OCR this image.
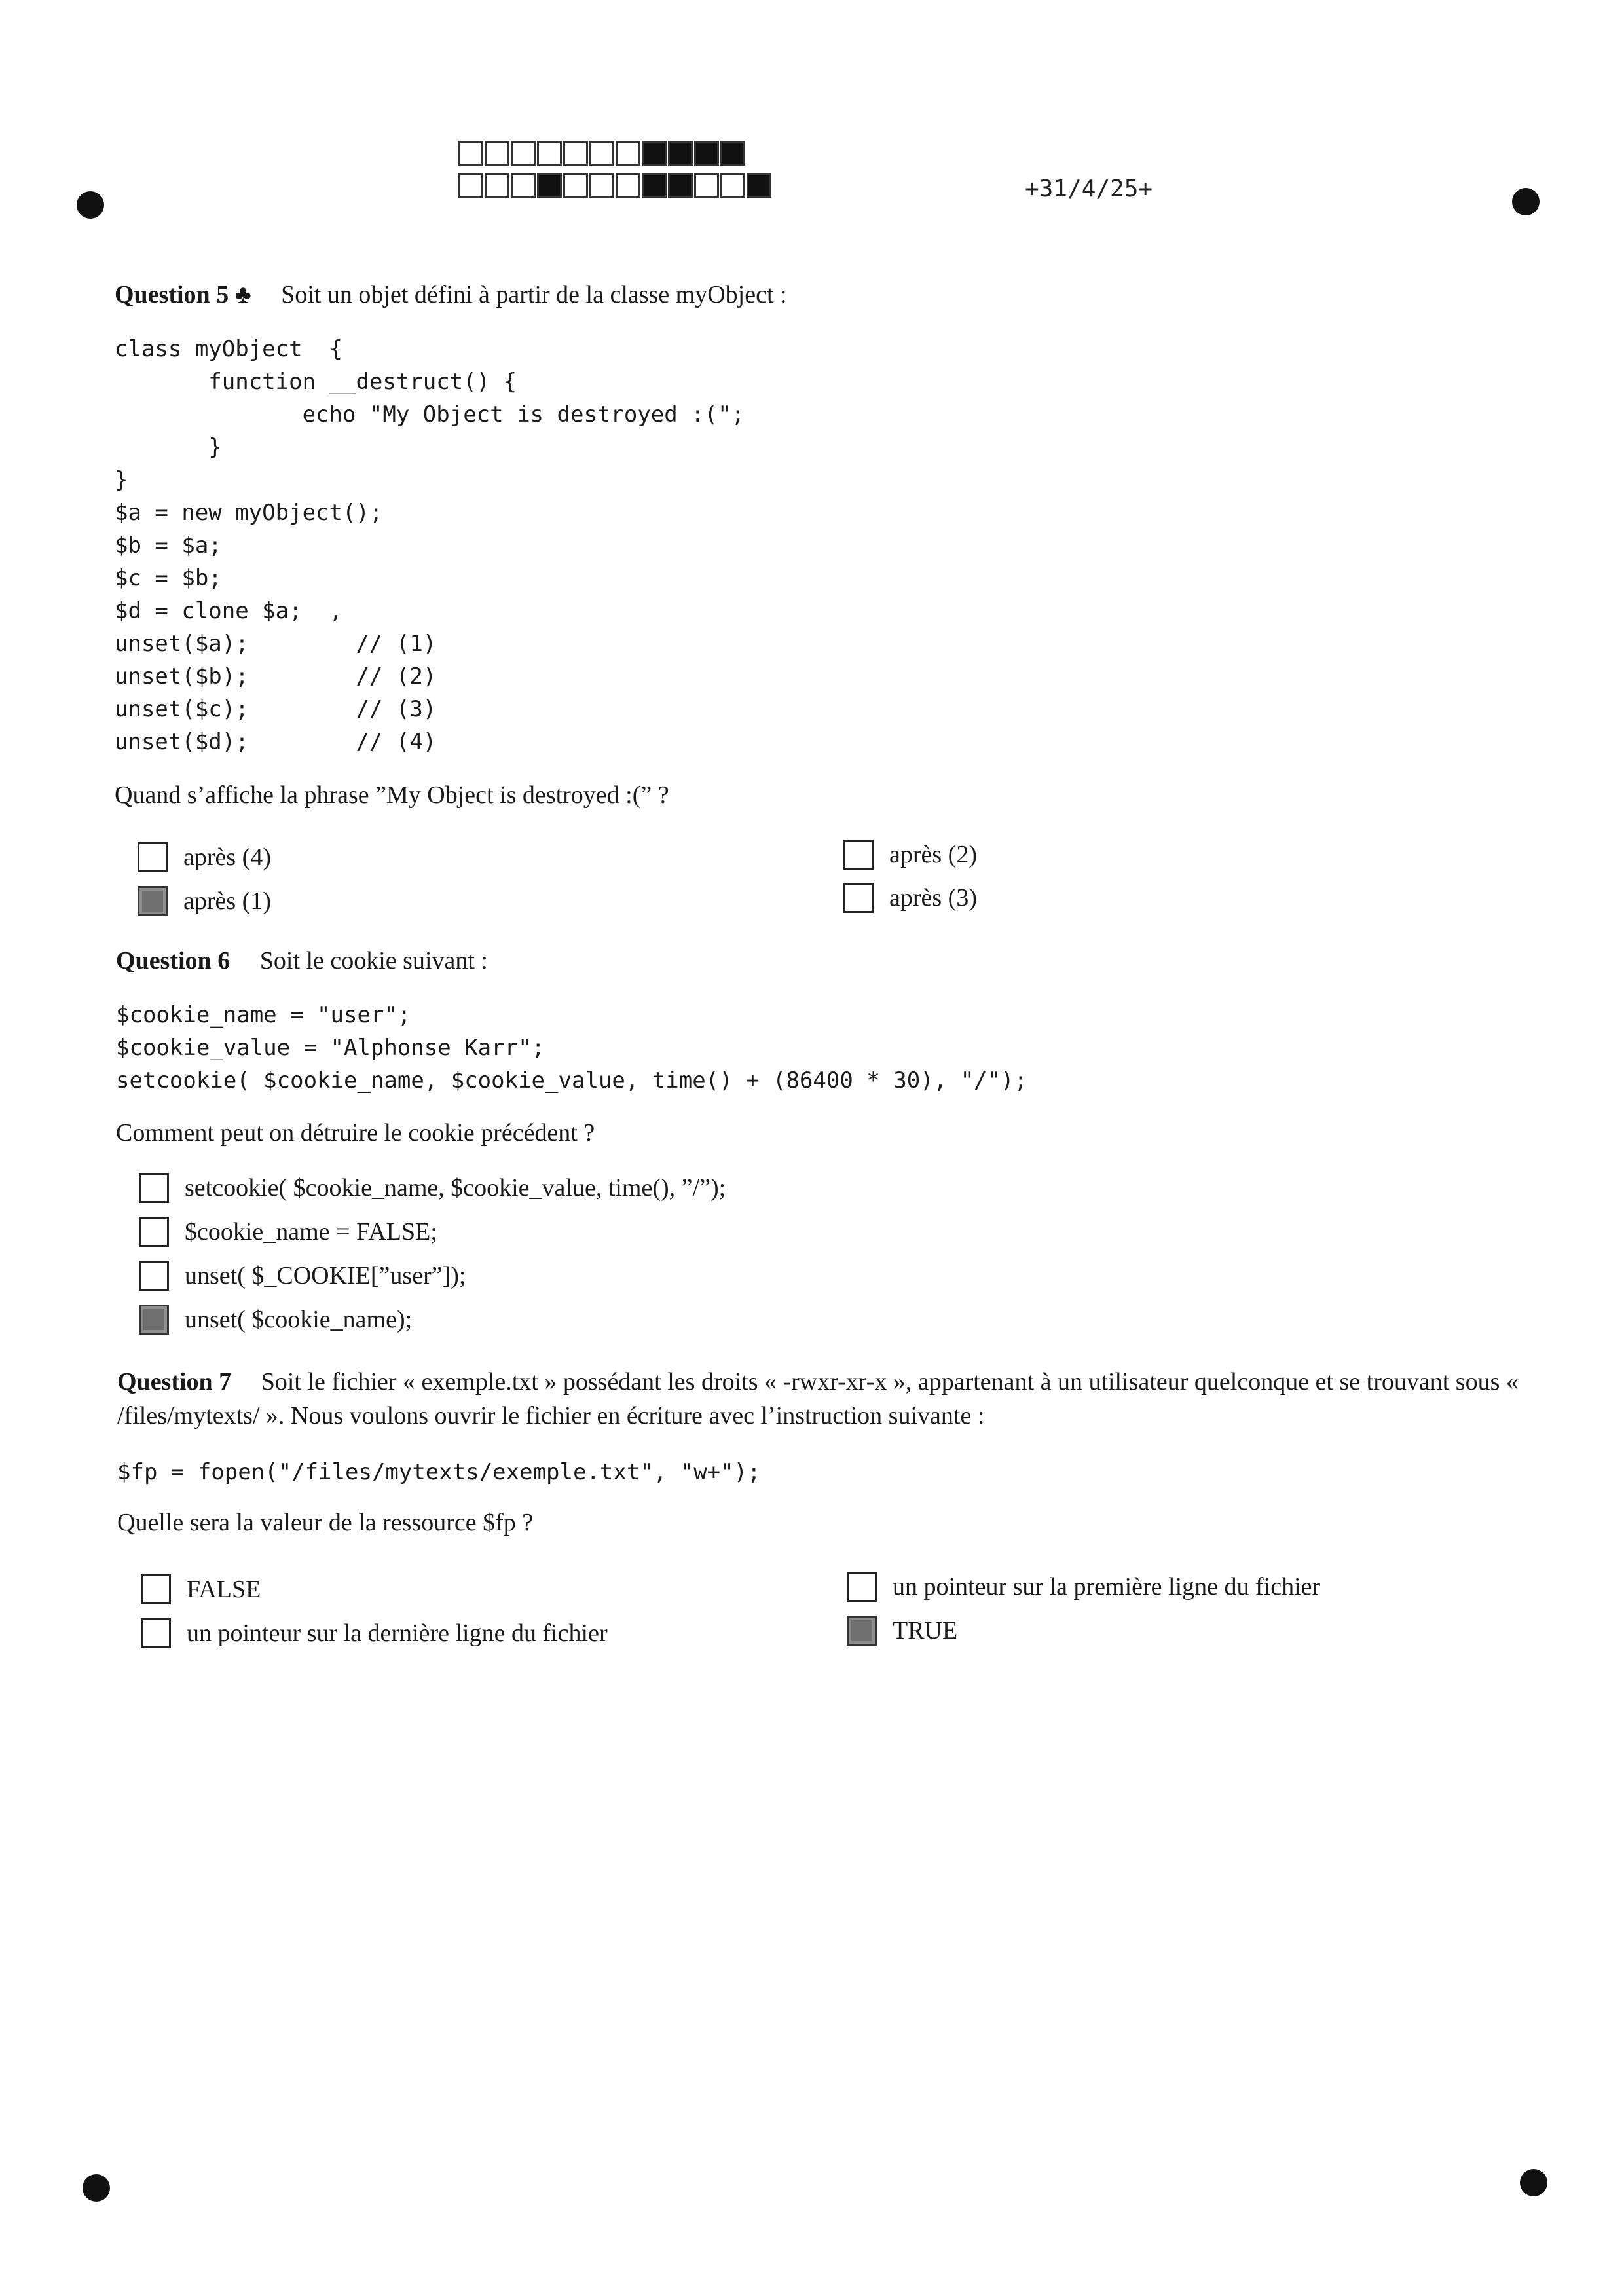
+31/4/25+
Question 5 ♣ Soit un objet défini à partir de la classe myObject :
class myObject  {
function __destruct() {
echo "My Object is destroyed :(";
}
}
$a = new myObject();
$b = $a;
$c = $b;
$d = clone $a;  ,
unset($a);        // (1)
unset($b);        // (2)
unset($c);        // (3)
unset($d);        // (4)
Quand s’affiche la phrase ”My Object is destroyed :(” ?
après (4)
après (1)
après (2)
après (3)
Question 6 Soit le cookie suivant :
$cookie_name = "user";
$cookie_value = "Alphonse Karr";
setcookie( $cookie_name, $cookie_value, time() + (86400 * 30), "/");
Comment peut on détruire le cookie précédent ?
setcookie( $cookie_name, $cookie_value, time(), ”/”);
$cookie_name = FALSE;
unset( $_COOKIE[”user”]);
unset( $cookie_name);
Question 7 Soit le fichier « exemple.txt » possédant les droits « -rwxr-xr-x », appartenant à un utilisateur quelconque et se trouvant sous « /files/mytexts/ ». Nous voulons ouvrir le fichier en écriture avec l’instruction suivante :
$fp = fopen("/files/mytexts/exemple.txt", "w+");
Quelle sera la valeur de la ressource $fp ?
FALSE
un pointeur sur la dernière ligne du fichier
un pointeur sur la première ligne du fichier
TRUE
